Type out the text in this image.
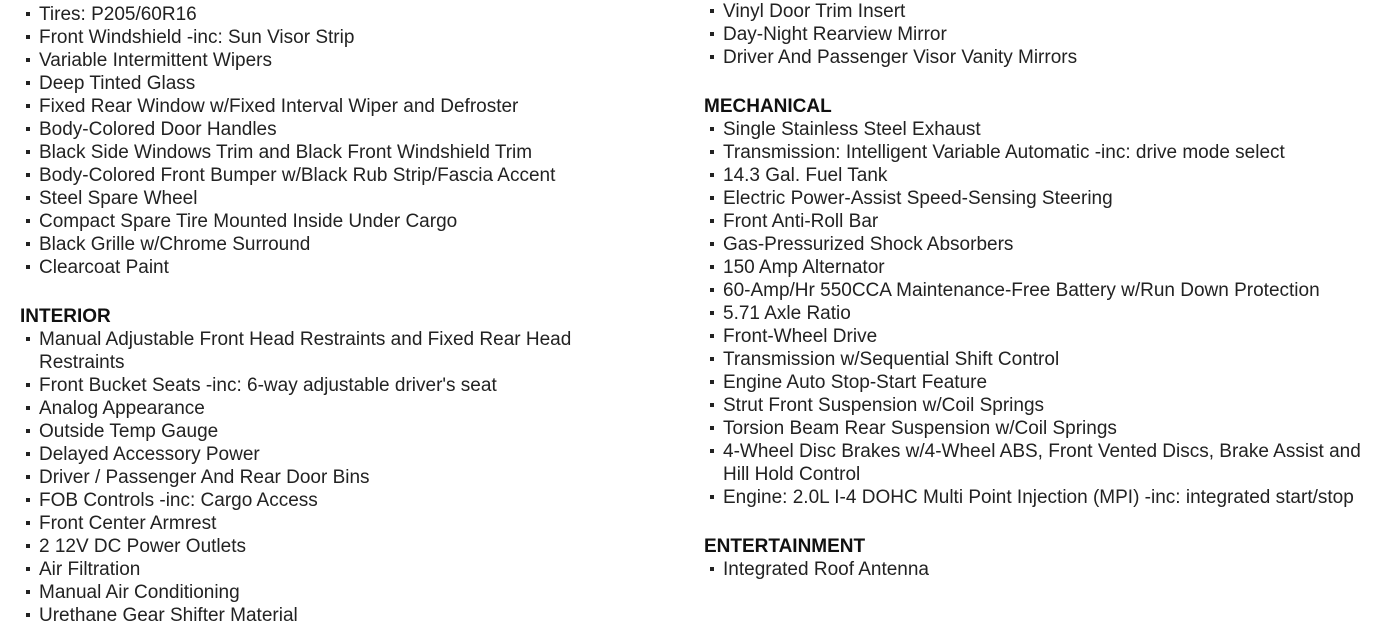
Tires: P205/60R16
Front Windshield -inc: Sun Visor Strip
Variable Intermittent Wipers
Deep Tinted Glass
Fixed Rear Window w/Fixed Interval Wiper and Defroster
Body-Colored Door Handles
Black Side Windows Trim and Black Front Windshield Trim
Body-Colored Front Bumper w/Black Rub Strip/Fascia Accent
Steel Spare Wheel
Compact Spare Tire Mounted Inside Under Cargo
Black Grille w/Chrome Surround
Clearcoat Paint
INTERIOR
Manual Adjustable Front Head Restraints and Fixed Rear Head Restraints
Front Bucket Seats -inc: 6-way adjustable driver's seat
Analog Appearance
Outside Temp Gauge
Delayed Accessory Power
Driver / Passenger And Rear Door Bins
FOB Controls -inc: Cargo Access
Front Center Armrest
2 12V DC Power Outlets
Air Filtration
Manual Air Conditioning
Urethane Gear Shifter Material
Vinyl Door Trim Insert
Day-Night Rearview Mirror
Driver And Passenger Visor Vanity Mirrors
MECHANICAL
Single Stainless Steel Exhaust
Transmission: Intelligent Variable Automatic -inc: drive mode select
14.3 Gal. Fuel Tank
Electric Power-Assist Speed-Sensing Steering
Front Anti-Roll Bar
Gas-Pressurized Shock Absorbers
150 Amp Alternator
60-Amp/Hr 550CCA Maintenance-Free Battery w/Run Down Protection
5.71 Axle Ratio
Front-Wheel Drive
Transmission w/Sequential Shift Control
Engine Auto Stop-Start Feature
Strut Front Suspension w/Coil Springs
Torsion Beam Rear Suspension w/Coil Springs
4-Wheel Disc Brakes w/4-Wheel ABS, Front Vented Discs, Brake Assist and Hill Hold Control
Engine: 2.0L I-4 DOHC Multi Point Injection (MPI) -inc: integrated start/stop
ENTERTAINMENT
Integrated Roof Antenna
